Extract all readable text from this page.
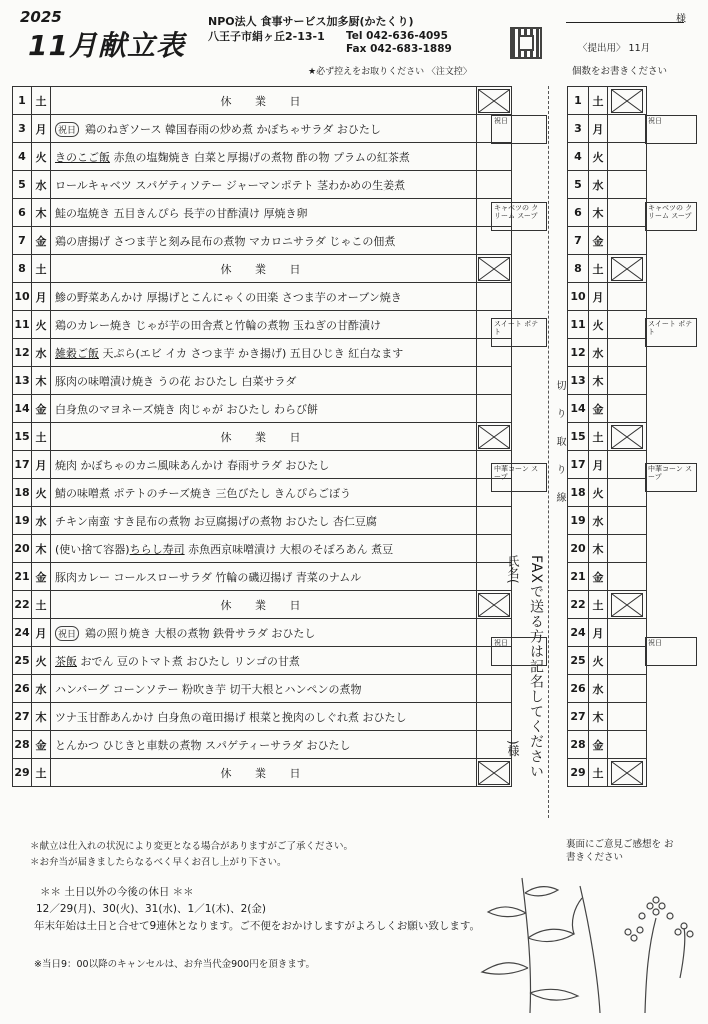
2025
11月献立表
NPO法人 食事サービス加多厨(かたくり)
八王子市絹ヶ丘2-13-1	Tel 042-636-4095
Fax 042-683-1889
★必ず控えをお取りください 〈注文控〉
様
〈提出用〉 11月
個数をお書きください
1	土	休 業 日	

3	月	祝日 鶏のねぎソース 韓国春雨の炒め煮 かぼちゃサラダ おひたし	
4	火	きのこご飯 赤魚の塩麹焼き 白菜と厚揚げの煮物 酢の物 プラムの紅茶煮	
5	水	ロールキャベツ スパゲティソテー ジャーマンポテト 茎わかめの生姜煮	
6	木	鮭の塩焼き 五目きんぴら 長芋の甘酢漬け 厚焼き卵	
7	金	鶏の唐揚げ さつま芋と刻み昆布の煮物 マカロニサラダ じゃこの佃煮	
8	土	休 業 日	

10	月	鯵の野菜あんかけ 厚揚げとこんにゃくの田楽 さつま芋のオーブン焼き	
11	火	鶏のカレー焼き じゃが芋の田舎煮と竹輪の煮物 玉ねぎの甘酢漬け	
12	水	雑穀ご飯 天ぷら(エビ イカ さつま芋 かき揚げ) 五目ひじき 紅白なます	
13	木	豚肉の味噌漬け焼き うの花 おひたし 白菜サラダ	
14	金	白身魚のマヨネーズ焼き 肉じゃが おひたし わらび餅	
15	土	休 業 日	

17	月	焼肉 かぼちゃのカニ風味あんかけ 春雨サラダ おひたし	
18	火	鯖の味噌煮 ポテトのチーズ焼き 三色びたし きんぴらごぼう	
19	水	チキン南蛮 すき昆布の煮物 お豆腐揚げの煮物 おひたし 杏仁豆腐	
20	木	(使い捨て容器)ちらし寿司 赤魚西京味噌漬け 大根のそぼろあん 煮豆	
21	金	豚肉カレー コールスローサラダ 竹輪の磯辺揚げ 青菜のナムル	
22	土	休 業 日	

24	月	祝日 鶏の照り焼き 大根の煮物 鉄骨サラダ おひたし	
25	火	茶飯 おでん 豆のトマト煮 おひたし リンゴの甘煮	
26	水	ハンバーグ コーンソテー 粉吹き芋 切干大根とハンペンの煮物	
27	木	ツナ玉甘酢あんかけ 白身魚の竜田揚げ 根菜と挽肉のしぐれ煮 おひたし	
28	金	とんかつ ひじきと車麩の煮物 スパゲティーサラダ おひたし	
29	土	休 業 日	
切り取り線
FAXで送る方は記名してください
氏名(
)様
祝日	祝日
キャベツの クリーム スープ
キャベツの クリーム スープ
スイート ポテト
スイート ポテト
中華コーン スープ
中華コーン スープ
祝日	祝日
1	土	

3	月	
4	火	
5	水	
6	木	
7	金	
8	土	

10	月	
11	火	
12	水	
13	木	
14	金	
15	土	

17	月	
18	火	
19	水	
20	木	
21	金	
22	土	

24	月	
25	火	
26	水	
27	木	
28	金	
29	土	
＊献立は仕入れの状況により変更となる場合がありますがご了承ください。
＊お弁当が届きましたらなるべく早くお召し上がり下さい。
＊＊ 土日以外の今後の休日 ＊＊
12／29(月)、30(火)、31(水)、1／1(木)、2(金)
年末年始は土日と合せて9連休となります。ご不便をおかけしますがよろしくお願い致します。
※当日9：00以降のキャンセルは、お弁当代金900円を頂きます。
裏面にご意見ご感想を お書きください
